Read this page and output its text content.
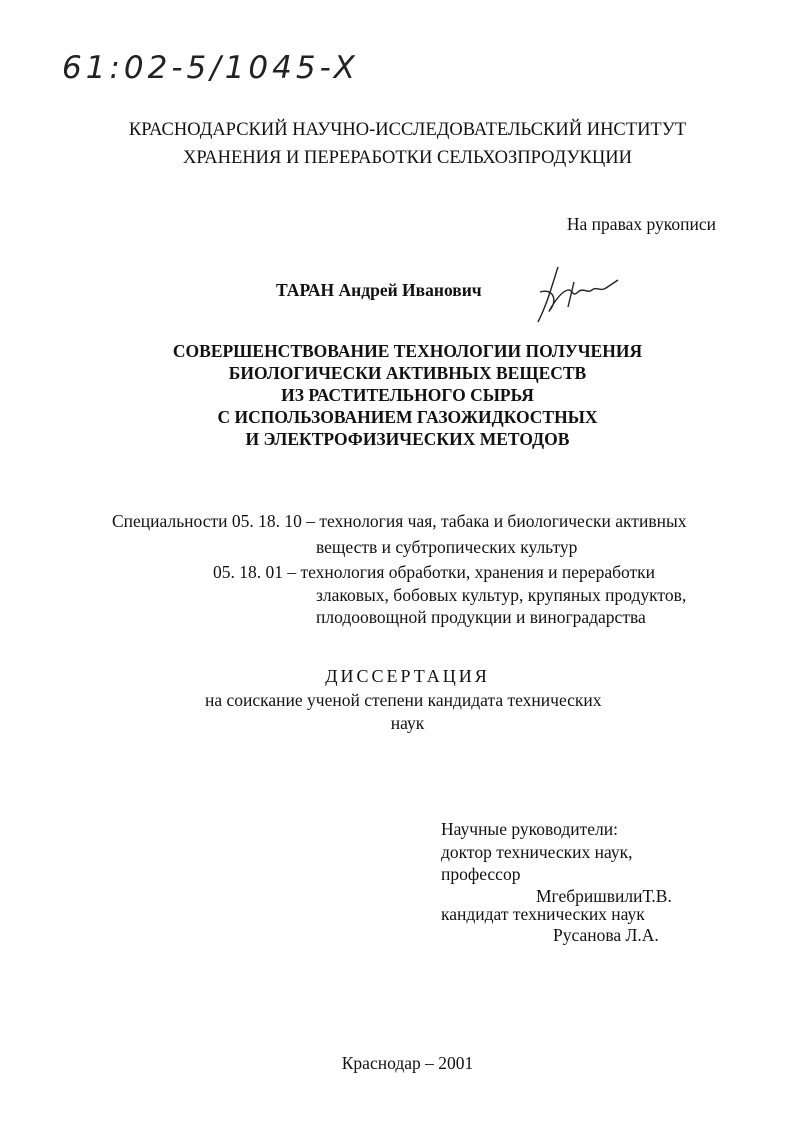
61:02-5/1045-X
КРАСНОДАРСКИЙ НАУЧНО-ИССЛЕДОВАТЕЛЬСКИЙ ИНСТИТУТ
ХРАНЕНИЯ И ПЕРЕРАБОТКИ СЕЛЬХОЗПРОДУКЦИИ
На правах рукописи
ТАРАН Андрей Иванович
СОВЕРШЕНСТВОВАНИЕ ТЕХНОЛОГИИ ПОЛУЧЕНИЯ
БИОЛОГИЧЕСКИ АКТИВНЫХ ВЕЩЕСТВ
ИЗ РАСТИТЕЛЬНОГО СЫРЬЯ
С ИСПОЛЬЗОВАНИЕМ ГАЗОЖИДКОСТНЫХ
И ЭЛЕКТРОФИЗИЧЕСКИХ МЕТОДОВ
Специальности 05. 18. 10 – технология чая, табака и биологически активных
веществ и субтропических культур
05. 18. 01 – технология обработки, хранения и переработки
злаковых, бобовых культур, крупяных продуктов,
плодоовощной продукции и виноградарства
ДИССЕРТАЦИЯ
на соискание ученой степени кандидата технических
наук
Научные руководители:
доктор технических наук,
профессор
МгебришвилиТ.В.
кандидат технических наук
Русанова Л.А.
Краснодар – 2001
